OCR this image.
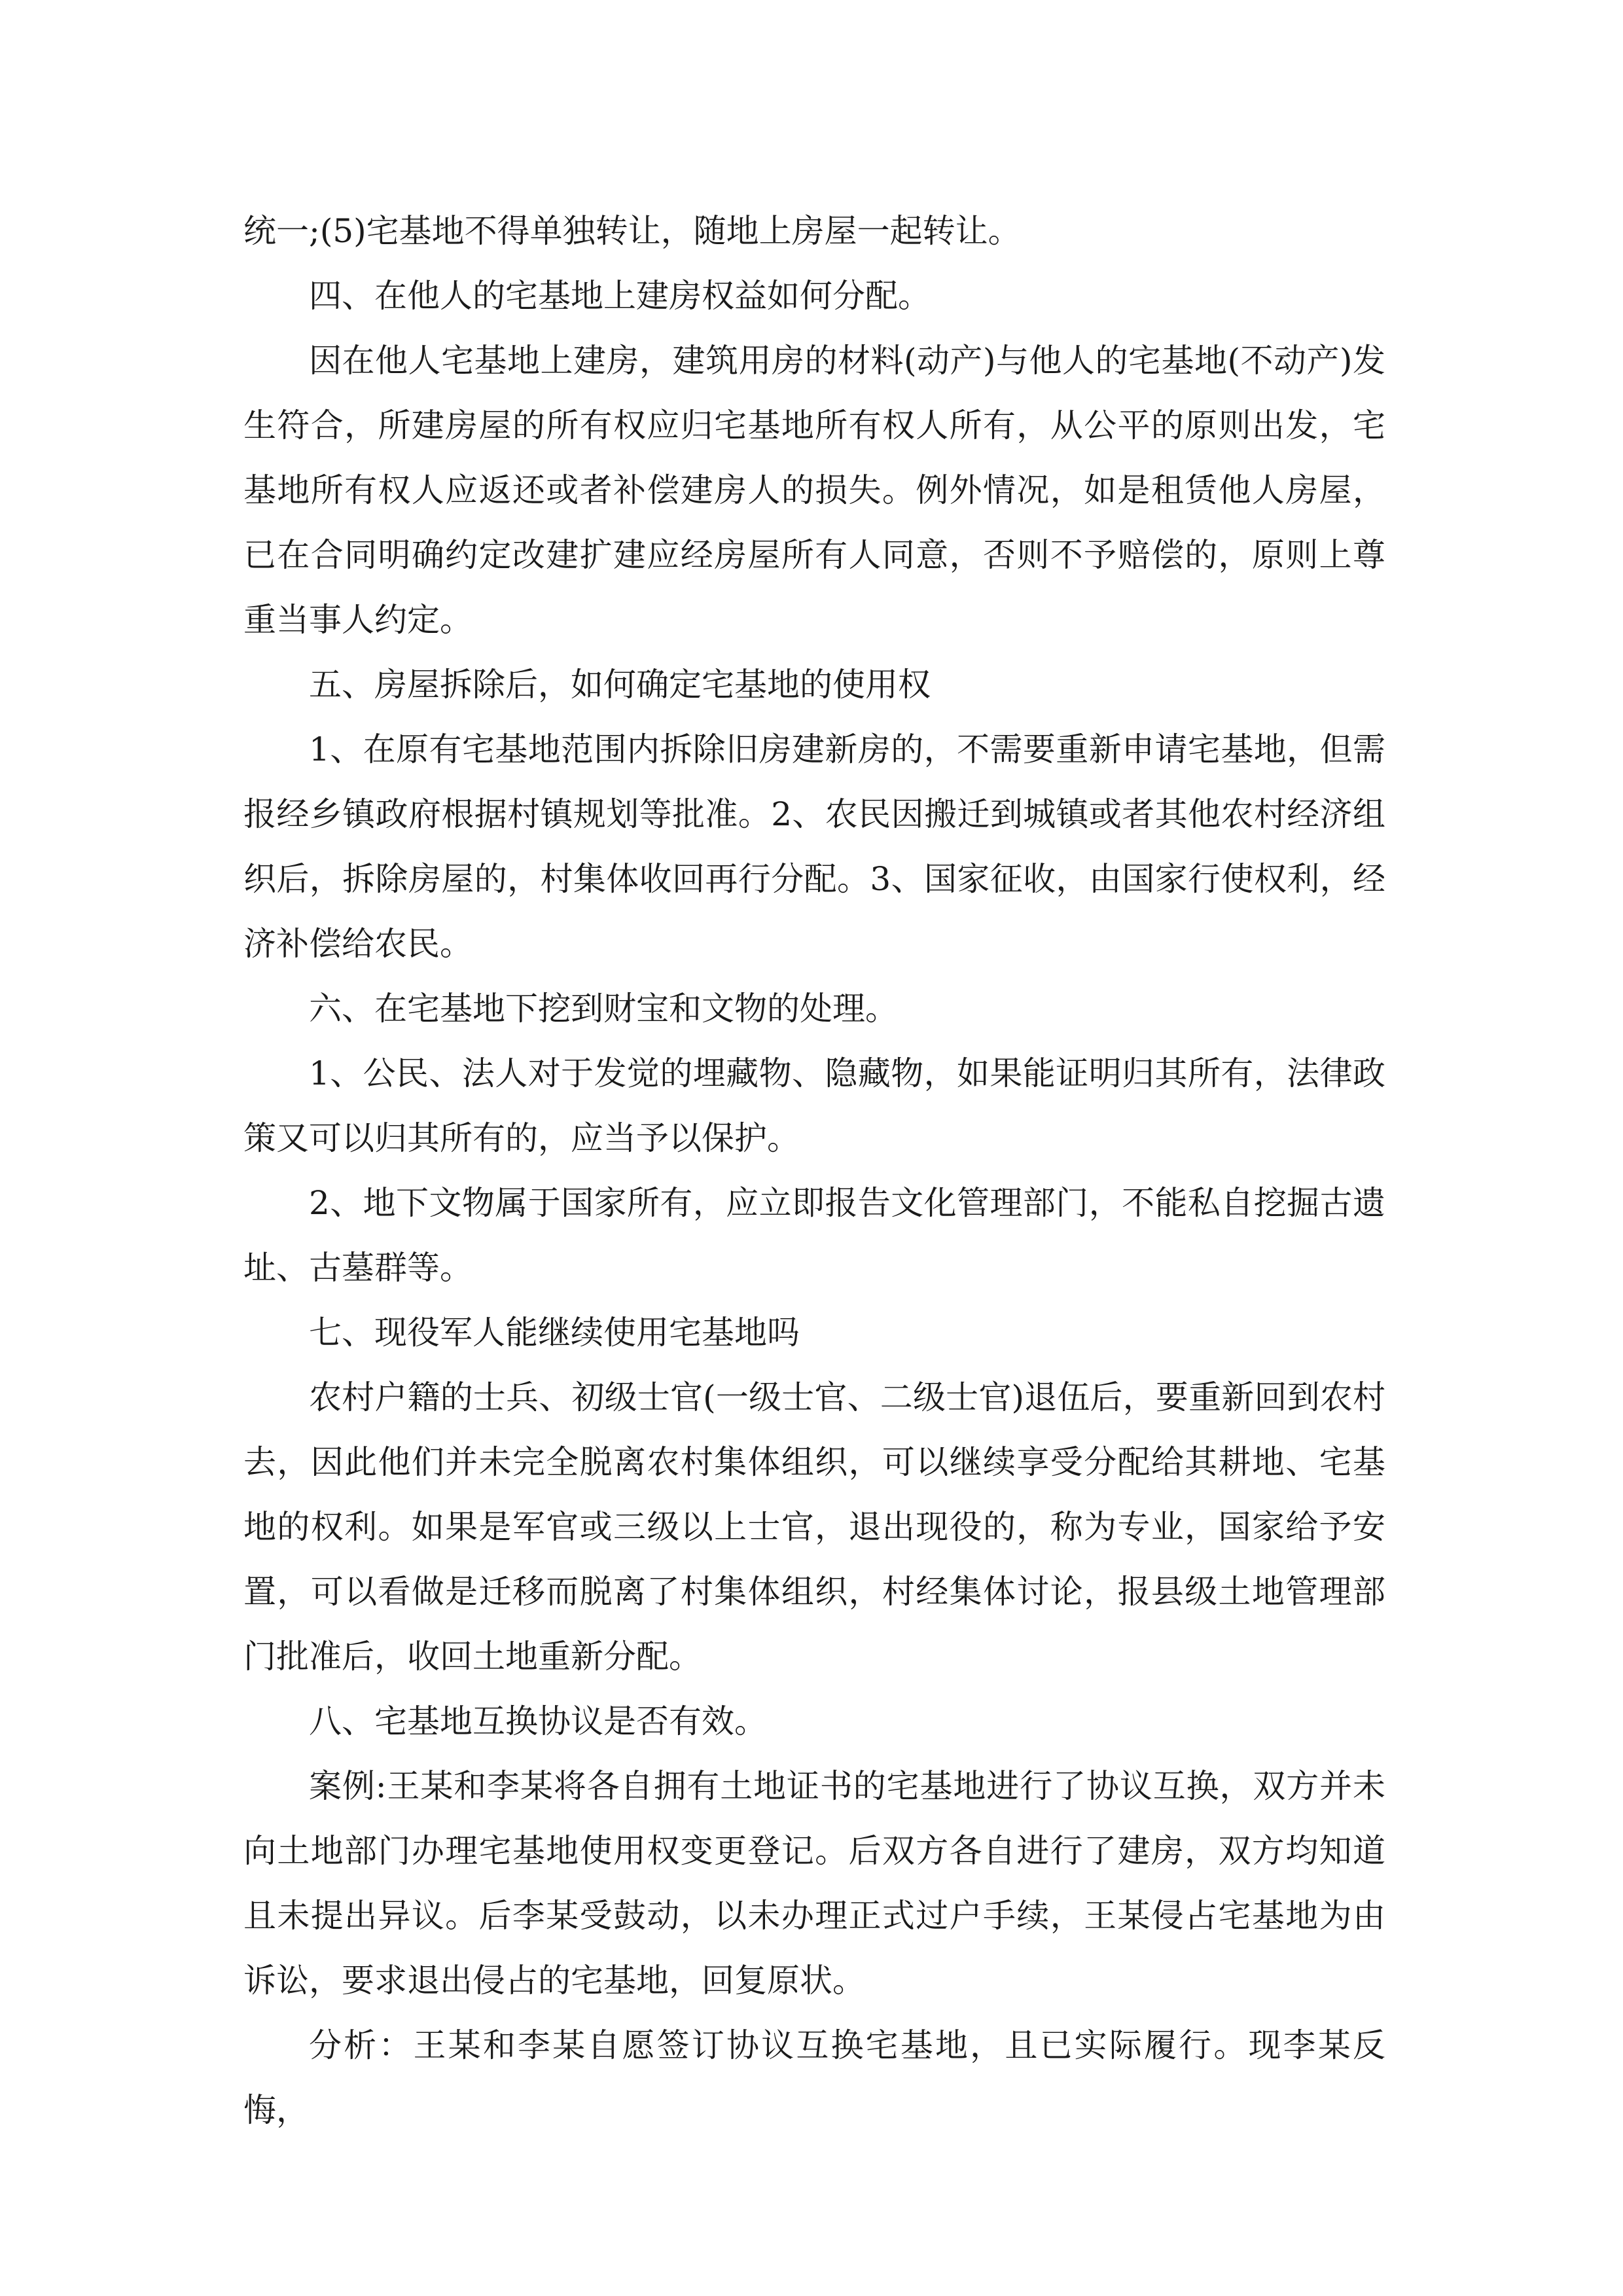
统一;(5)宅基地不得单独转让，随地上房屋一起转让。

四、在他人的宅基地上建房权益如何分配。

因在他人宅基地上建房，建筑用房的材料(动产)与他人的宅基地(不动产)发生符合，所建房屋的所有权应归宅基地所有权人所有，从公平的原则出发，宅基地所有权人应返还或者补偿建房人的损失。例外情况，如是租赁他人房屋，已在合同明确约定改建扩建应经房屋所有人同意，否则不予赔偿的，原则上尊重当事人约定。

五、房屋拆除后，如何确定宅基地的使用权

1、在原有宅基地范围内拆除旧房建新房的，不需要重新申请宅基地，但需报经乡镇政府根据村镇规划等批准。2、农民因搬迁到城镇或者其他农村经济组织后，拆除房屋的，村集体收回再行分配。3、国家征收，由国家行使权利，经济补偿给农民。

六、在宅基地下挖到财宝和文物的处理。

1、公民、法人对于发觉的埋藏物、隐藏物，如果能证明归其所有，法律政策又可以归其所有的，应当予以保护。

2、地下文物属于国家所有，应立即报告文化管理部门，不能私自挖掘古遗址、古墓群等。

七、现役军人能继续使用宅基地吗

农村户籍的士兵、初级士官(一级士官、二级士官)退伍后，要重新回到农村去，因此他们并未完全脱离农村集体组织，可以继续享受分配给其耕地、宅基地的权利。如果是军官或三级以上士官，退出现役的，称为专业，国家给予安置，可以看做是迁移而脱离了村集体组织，村经集体讨论，报县级土地管理部门批准后，收回土地重新分配。

八、宅基地互换协议是否有效。

案例:王某和李某将各自拥有土地证书的宅基地进行了协议互换，双方并未向土地部门办理宅基地使用权变更登记。后双方各自进行了建房，双方均知道且未提出异议。后李某受鼓动，以未办理正式过户手续，王某侵占宅基地为由诉讼，要求退出侵占的宅基地，回复原状。

分析：王某和李某自愿签订协议互换宅基地，且已实际履行。现李某反悔，
